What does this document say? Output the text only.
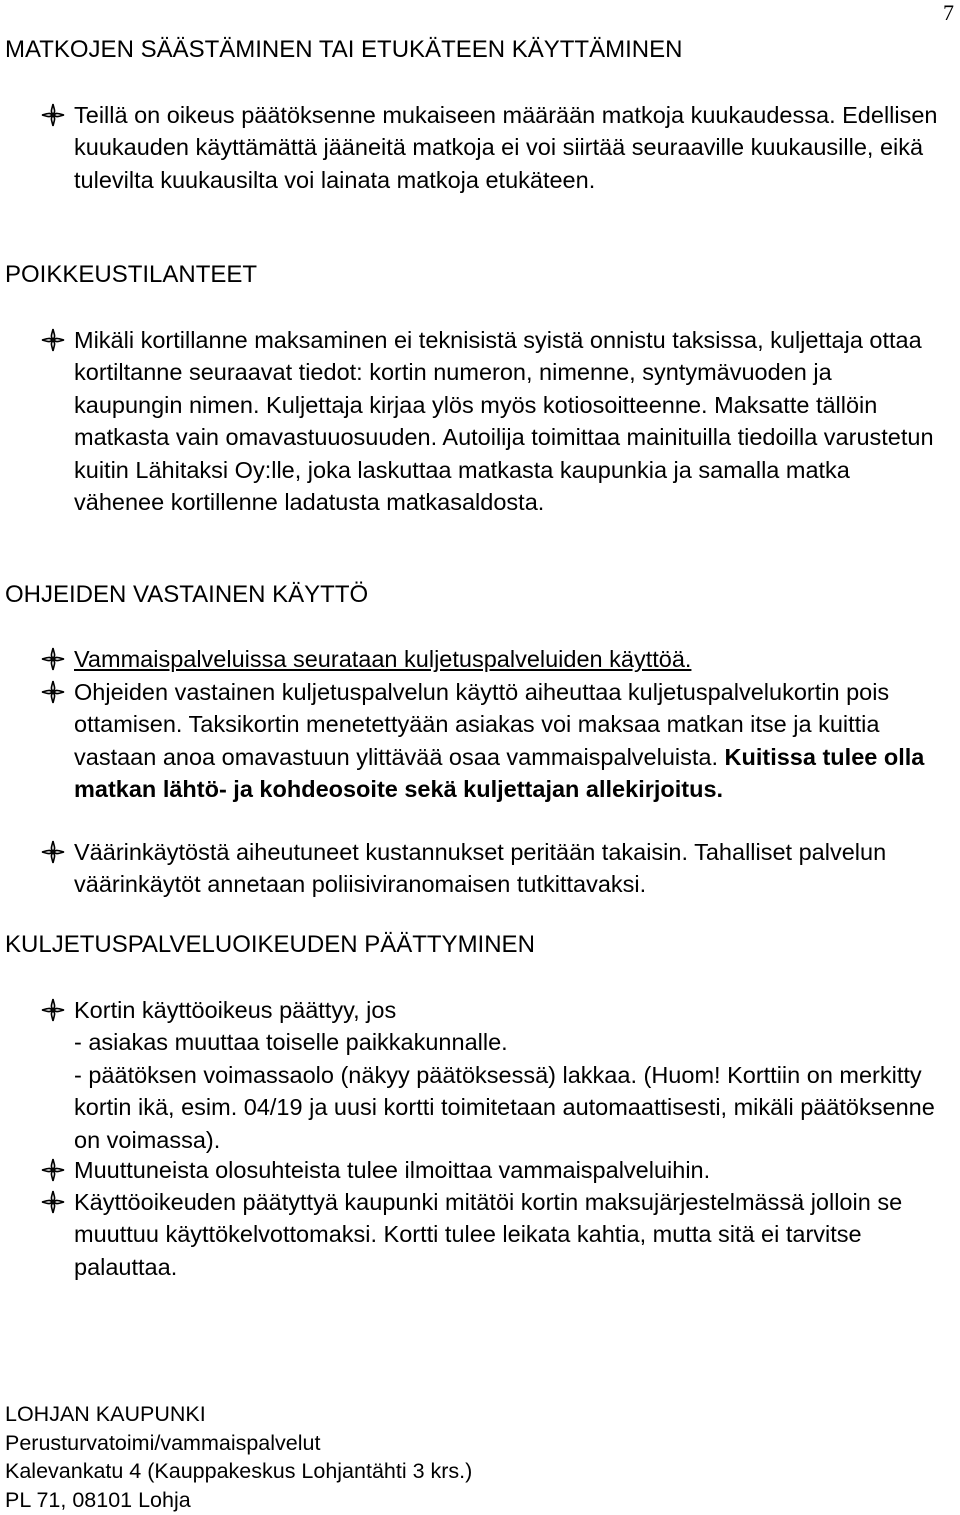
7
MATKOJEN SÄÄSTÄMINEN TAI ETUKÄTEEN KÄYTTÄMINEN
Teillä on oikeus päätöksenne mukaiseen määrään matkoja kuukaudessa. Edellisen kuukauden käyttämättä jääneitä matkoja ei voi siirtää seuraaville kuukausille, eikä tulevilta kuukausilta voi lainata matkoja etukäteen.
POIKKEUSTILANTEET
Mikäli kortillanne maksaminen ei teknisistä syistä onnistu taksissa, kuljettaja ottaa kortiltanne seuraavat tiedot: kortin numeron, nimenne, syntymävuoden ja kaupungin nimen. Kuljettaja kirjaa ylös myös kotiosoitteenne. Maksatte tällöin matkasta vain omavastuuosuuden. Autoilija toimittaa mainituilla tiedoilla varustetun kuitin Lähitaksi Oy:lle, joka laskuttaa matkasta kaupunkia ja samalla matka vähenee kortillenne ladatusta matkasaldosta.
OHJEIDEN VASTAINEN KÄYTTÖ
Vammaispalveluissa seurataan kuljetuspalveluiden käyttöä.
Ohjeiden vastainen kuljetuspalvelun käyttö aiheuttaa kuljetuspalvelukortin pois ottamisen. Taksikortin menetettyään asiakas voi maksaa matkan itse ja kuittia vastaan anoa omavastuun ylittävää osaa vammaispalveluista. Kuitissa tulee olla matkan lähtö- ja kohdeosoite sekä kuljettajan allekirjoitus.
Väärinkäytöstä aiheutuneet kustannukset peritään takaisin. Tahalliset palvelun väärinkäytöt annetaan poliisiviranomaisen tutkittavaksi.
KULJETUSPALVELUOIKEUDEN PÄÄTTYMINEN
Kortin käyttöoikeus päättyy, jos
- asiakas muuttaa toiselle paikkakunnalle.
- päätöksen voimassaolo (näkyy päätöksessä) lakkaa. (Huom! Korttiin on merkitty kortin ikä, esim. 04/19 ja uusi kortti toimitetaan automaattisesti, mikäli päätöksenne on voimassa).
Muuttuneista olosuhteista tulee ilmoittaa vammaispalveluihin.
Käyttöoikeuden päätyttyä kaupunki mitätöi kortin maksujärjestelmässä jolloin se muuttuu käyttökelvottomaksi. Kortti tulee leikata kahtia, mutta sitä ei tarvitse palauttaa.
LOHJAN KAUPUNKI
Perusturvatoimi/vammaispalvelut
Kalevankatu 4 (Kauppakeskus Lohjantähti 3 krs.)
PL 71, 08101 Lohja
